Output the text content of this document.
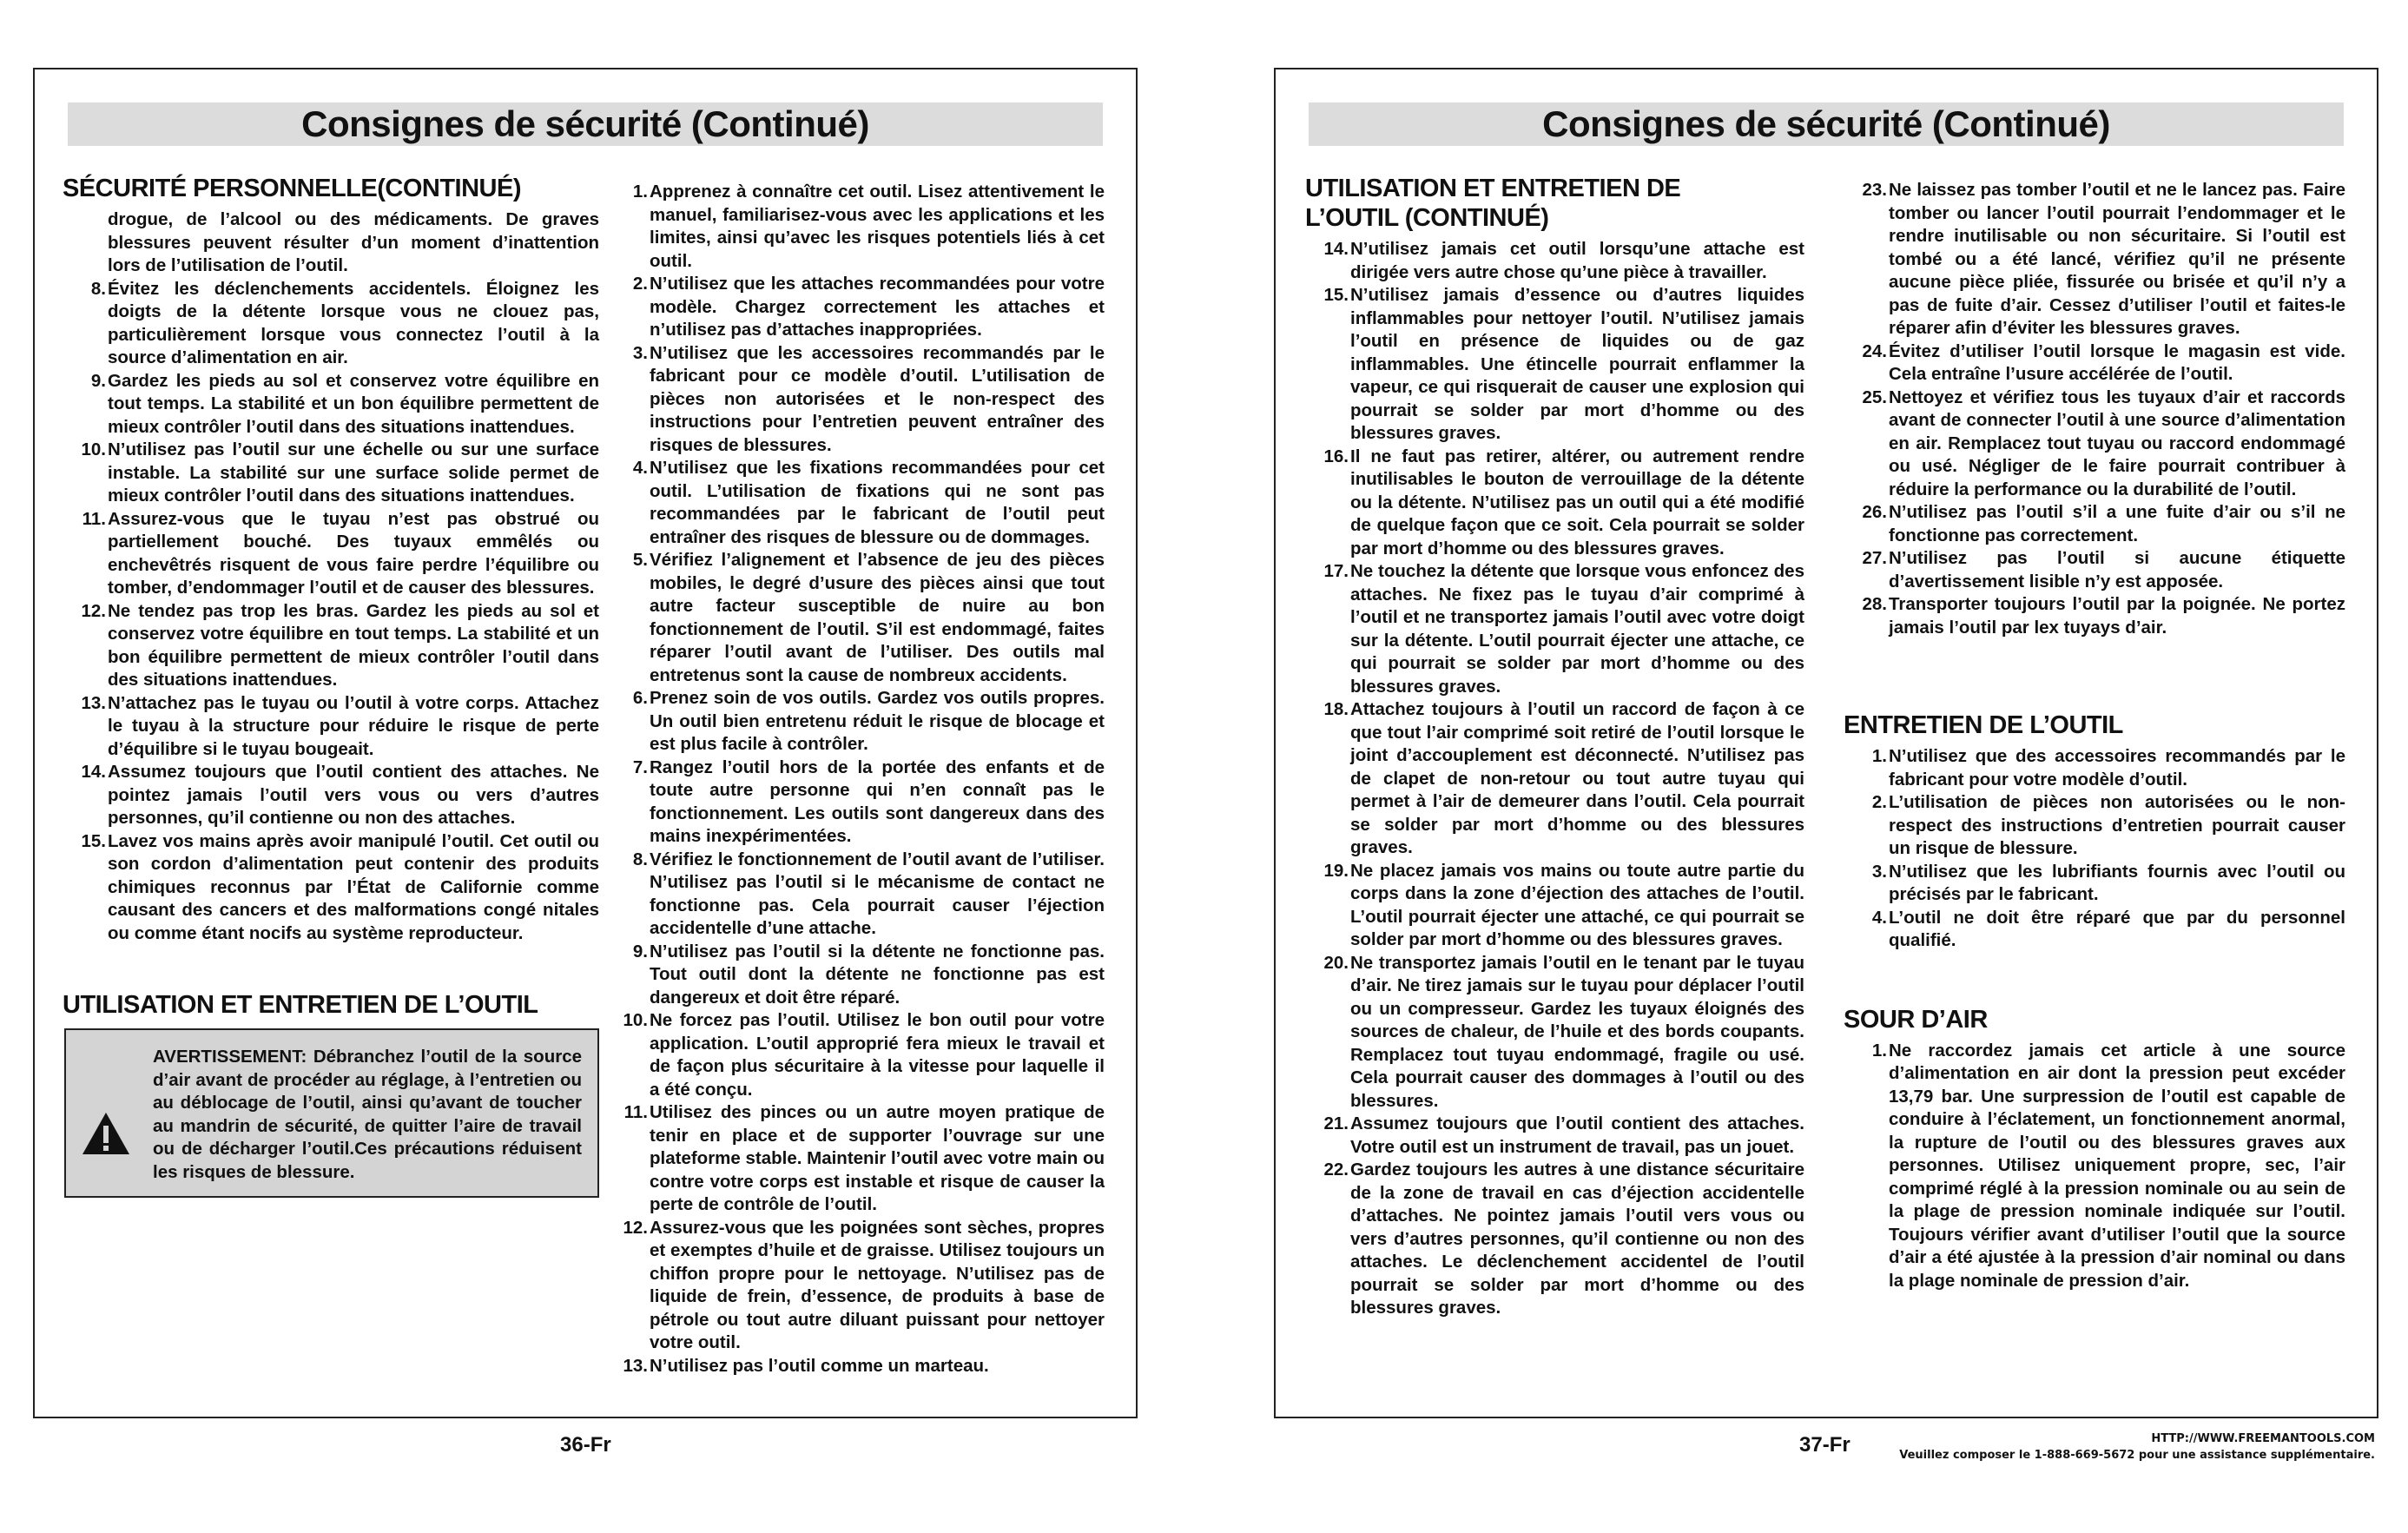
Consignes de sécurité (Continué)
SÉCURITÉ PERSONNELLE(CONTINUÉ)
drogue, de l’alcool ou des médicaments. De graves blessures peuvent résulter d’un moment d’inattention lors de l’utilisation de l’outil.
8. Évitez les déclenchements accidentels. Éloignez les doigts de la détente lorsque vous ne clouez pas, particulièrement lorsque vous connectez l’outil à la source d’alimentation en air.
9. Gardez les pieds au sol et conservez votre équilibre en tout temps. La stabilité et un bon équilibre permettent de mieux contrôler l’outil dans des situations inattendues.
10. N’utilisez pas l’outil sur une échelle ou sur une surface instable. La stabilité sur une surface solide permet de mieux contrôler l’outil dans des situations inattendues.
11. Assurez-vous que le tuyau n’est pas obstrué ou partiellement bouché. Des tuyaux emmêlés ou enchevêtrés risquent de vous faire perdre l’équilibre ou tomber, d’endommager l’outil et de causer des blessures.
12. Ne tendez pas trop les bras. Gardez les pieds au sol et conservez votre équilibre en tout temps. La stabilité et un bon équilibre permettent de mieux contrôler l’outil dans des situations inattendues.
13. N’attachez pas le tuyau ou l’outil à votre corps. Attachez le tuyau à la structure pour réduire le risque de perte d’équilibre si le tuyau bougeait.
14. Assumez toujours que l’outil contient des attaches. Ne pointez jamais l’outil vers vous ou vers d’autres personnes, qu’il contienne ou non des attaches.
15. Lavez vos mains après avoir manipulé l’outil. Cet outil ou son cordon d’alimentation peut contenir des produits chimiques reconnus par l’État de Californie comme causant des cancers et des malformations congé nitales ou comme étant nocifs au système reproducteur.
UTILISATION ET ENTRETIEN DE L’OUTIL
AVERTISSEMENT: Débranchez l’outil de la source d’air avant de procéder au réglage, à l’entretien ou au déblocage de l’outil, ainsi qu’avant de toucher au mandrin de sécurité, de quitter l’aire de travail ou de décharger l’outil.Ces précautions réduisent les risques de blessure.
1. Apprenez à connaître cet outil. Lisez attentivement le manuel, familiarisez-vous avec les applications et les limites, ainsi qu’avec les risques potentiels liés à cet outil.
2. N’utilisez que les attaches recommandées pour votre modèle. Chargez correctement les attaches et n’utilisez pas d’attaches inappropriées.
3. N’utilisez que les accessoires recommandés par le fabricant pour ce modèle d’outil. L’utilisation de pièces non autorisées et le non-respect des instructions pour l’entretien peuvent entraîner des risques de blessures.
4. N’utilisez que les fixations recommandées pour cet outil. L’utilisation de fixations qui ne sont pas recommandées par le fabricant de l’outil peut entraîner des risques de blessure ou de dommages.
5. Vérifiez l’alignement et l’absence de jeu des pièces mobiles, le degré d’usure des pièces ainsi que tout autre facteur susceptible de nuire au bon fonctionnement de l’outil. S’il est endommagé, faites réparer l’outil avant de l’utiliser. Des outils mal entretenus sont la cause de nombreux accidents.
6. Prenez soin de vos outils. Gardez vos outils propres. Un outil bien entretenu réduit le risque de blocage et est plus facile à contrôler.
7. Rangez l’outil hors de la portée des enfants et de toute autre personne qui n’en connaît pas le fonctionnement. Les outils sont dangereux dans des mains inexpérimentées.
8. Vérifiez le fonctionnement de l’outil avant de l’utiliser. N’utilisez pas l’outil si le mécanisme de contact ne fonctionne pas. Cela pourrait causer l’éjection accidentelle d’une attache.
9. N’utilisez pas l’outil si la détente ne fonctionne pas. Tout outil dont la détente ne fonctionne pas est dangereux et doit être réparé.
10. Ne forcez pas l’outil. Utilisez le bon outil pour votre application. L’outil approprié fera mieux le travail et de façon plus sécuritaire à la vitesse pour laquelle il a été conçu.
11. Utilisez des pinces ou un autre moyen pratique de tenir en place et de supporter l’ouvrage sur une plateforme stable. Maintenir l’outil avec votre main ou contre votre corps est instable et risque de causer la perte de contrôle de l’outil.
12. Assurez-vous que les poignées sont sèches, propres et exemptes d’huile et de graisse. Utilisez toujours un chiffon propre pour le nettoyage. N’utilisez pas de liquide de frein, d’essence, de produits à base de pétrole ou tout autre diluant puissant pour nettoyer votre outil.
13. N’utilisez pas l’outil comme un marteau.
36-Fr
Consignes de sécurité (Continué)
UTILISATION ET ENTRETIEN DE L’OUTIL (CONTINUÉ)
14. N’utilisez jamais cet outil lorsqu’une attache est dirigée vers autre chose qu’une pièce à travailler.
15. N’utilisez jamais d’essence ou d’autres liquides inflammables pour nettoyer l’outil. N’utilisez jamais l’outil en présence de liquides ou de gaz inflammables. Une étincelle pourrait enflammer la vapeur, ce qui risquerait de causer une explosion qui pourrait se solder par mort d’homme ou des blessures graves.
16. Il ne faut pas retirer, altérer, ou autrement rendre inutilisables le bouton de verrouillage de la détente ou la détente. N’utilisez pas un outil qui a été modifié de quelque façon que ce soit. Cela pourrait se solder par mort d’homme ou des blessures graves.
17. Ne touchez la détente que lorsque vous enfoncez des attaches. Ne fixez pas le tuyau d’air comprimé à l’outil et ne transportez jamais l’outil avec votre doigt sur la détente. L’outil pourrait éjecter une attache, ce qui pourrait se solder par mort d’homme ou des blessures graves.
18. Attachez toujours à l’outil un raccord de façon à ce que tout l’air comprimé soit retiré de l’outil lorsque le joint d’accouplement est déconnecté. N’utilisez pas de clapet de non-retour ou tout autre tuyau qui permet à l’air de demeurer dans l’outil. Cela pourrait se solder par mort d’homme ou des blessures graves.
19. Ne placez jamais vos mains ou toute autre partie du corps dans la zone d’éjection des attaches de l’outil. L’outil pourrait éjecter une attaché, ce qui pourrait se solder par mort d’homme ou des blessures graves.
20. Ne transportez jamais l’outil en le tenant par le tuyau d’air. Ne tirez jamais sur le tuyau pour déplacer l’outil ou un compresseur. Gardez les tuyaux éloignés des sources de chaleur, de l’huile et des bords coupants. Remplacez tout tuyau endommagé, fragile ou usé. Cela pourrait causer des dommages à l’outil ou des blessures.
21. Assumez toujours que l’outil contient des attaches. Votre outil est un instrument de travail, pas un jouet.
22. Gardez toujours les autres à une distance sécuritaire de la zone de travail en cas d’éjection accidentelle d’attaches. Ne pointez jamais l’outil vers vous ou vers d’autres personnes, qu’il contienne ou non des attaches. Le déclenchement accidentel de l’outil pourrait se solder par mort d’homme ou des blessures graves.
23. Ne laissez pas tomber l’outil et ne le lancez pas. Faire tomber ou lancer l’outil pourrait l’endommager et le rendre inutilisable ou non sécuritaire. Si l’outil est tombé ou a été lancé, vérifiez qu’il ne présente aucune pièce pliée, fissurée ou brisée et qu’il n’y a pas de fuite d’air. Cessez d’utiliser l’outil et faites-le réparer afin d’éviter les blessures graves.
24. Évitez d’utiliser l’outil lorsque le magasin est vide. Cela entraîne l’usure accélérée de l’outil.
25. Nettoyez et vérifiez tous les tuyaux d’air et raccords avant de connecter l’outil à une source d’alimentation en air. Remplacez tout tuyau ou raccord endommagé ou usé. Négliger de le faire pourrait contribuer à réduire la performance ou la durabilité de l’outil.
26. N’utilisez pas l’outil s’il a une fuite d’air ou s’il ne fonctionne pas correctement.
27. N’utilisez pas l’outil si aucune étiquette d’avertissement lisible n’y est apposée.
28. Transporter toujours l’outil par la poignée. Ne portez jamais l’outil par lex tuyays d’air.
ENTRETIEN DE L’OUTIL
1. N’utilisez que des accessoires recommandés par le fabricant pour votre modèle d’outil.
2. L’utilisation de pièces non autorisées ou le non-respect des instructions d’entretien pourrait causer un risque de blessure.
3. N’utilisez que les lubrifiants fournis avec l’outil ou précisés par le fabricant.
4. L’outil ne doit être réparé que par du personnel qualifié.
SOUR D’AIR
1. Ne raccordez jamais cet article à une source d’alimentation en air dont la pression peut excéder 13,79 bar. Une surpression de l’outil est capable de conduire à l’éclatement, un fonctionnement anormal, la rupture de l’outil ou des blessures graves aux personnes. Utilisez uniquement propre, sec, l’air comprimé réglé à la pression nominale ou au sein de la plage de pression nominale indiquée sur l’outil. Toujours vérifier avant d’utiliser l’outil que la source d’air a été ajustée à la pression d’air nominal ou dans la plage nominale de pression d’air.
37-Fr	HTTP://WWW.FREEMANTOOLS.COM
Veuillez composer le 1-888-669-5672 pour une assistance supplémentaire.
